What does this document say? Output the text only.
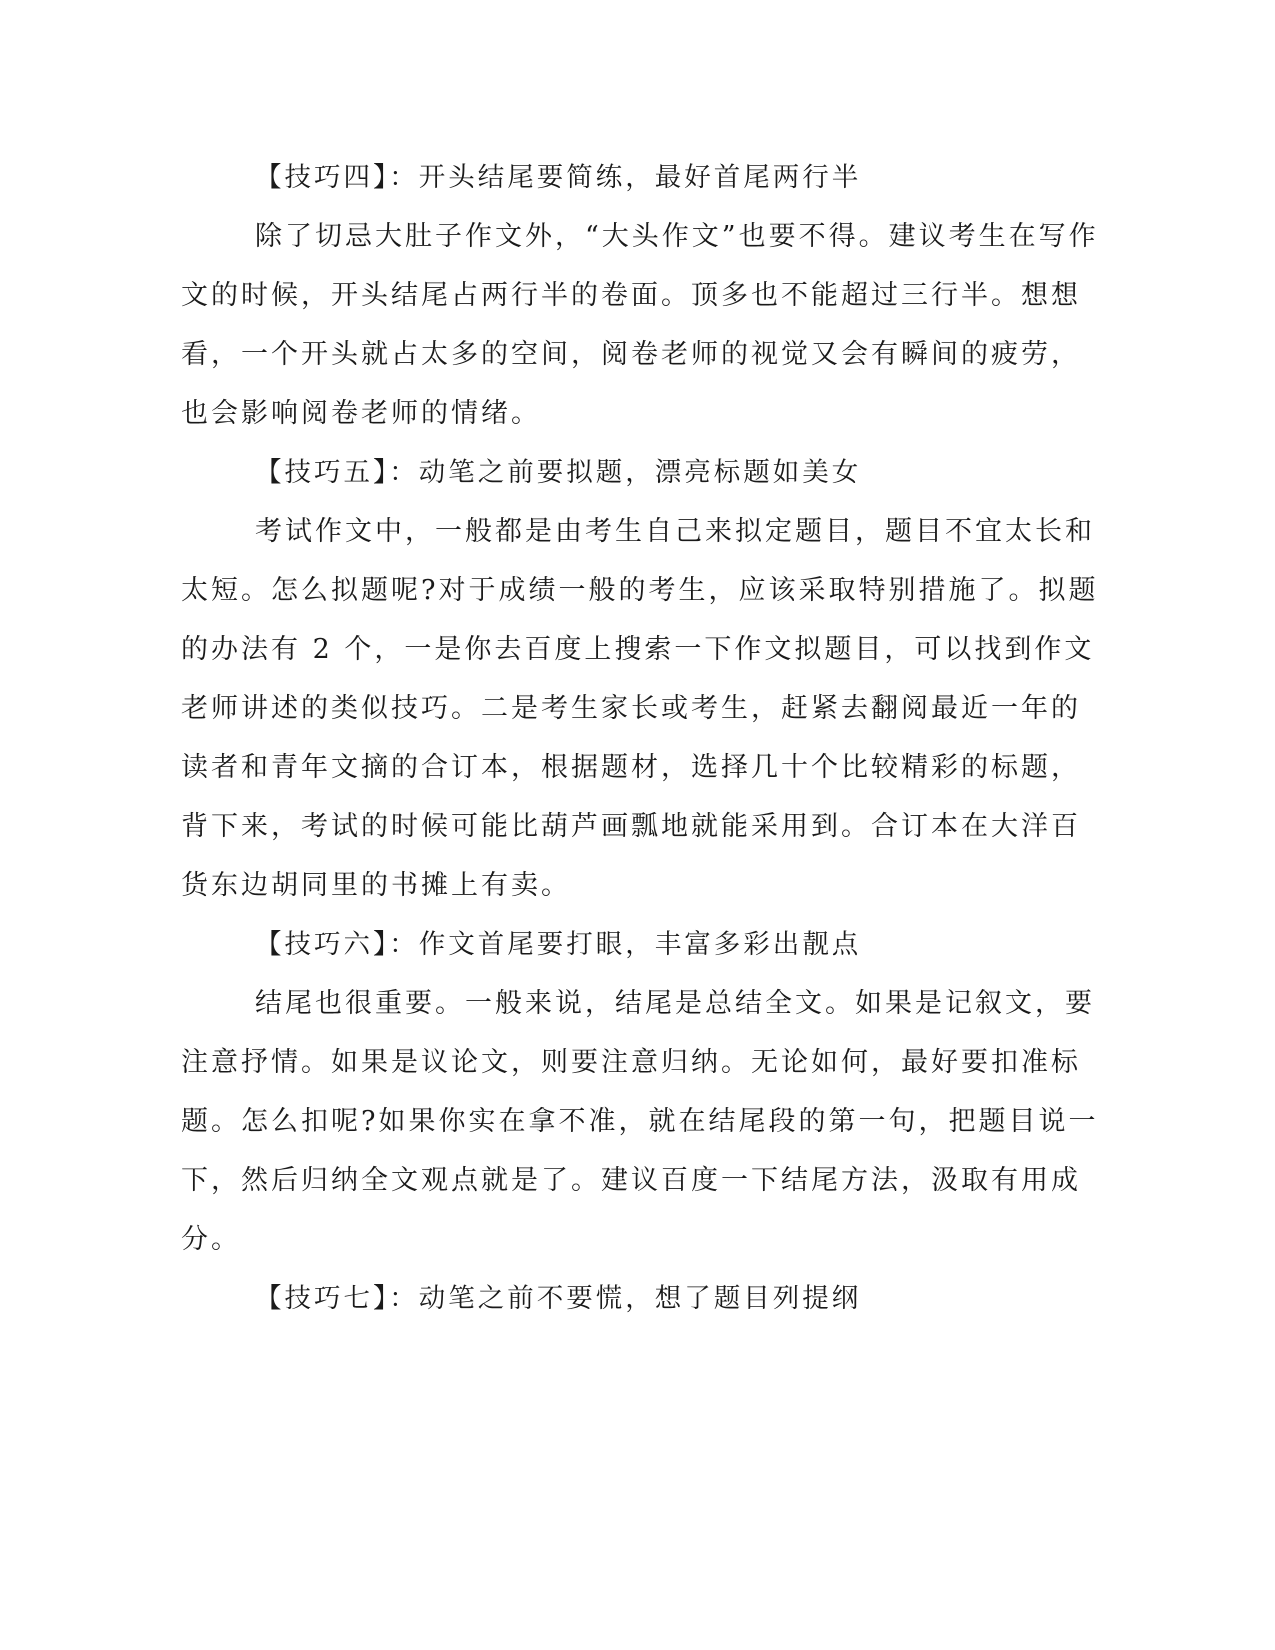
【技巧四】：开头结尾要简练，最好首尾两行半
除了切忌大肚子作文外，“大头作文”也要不得。建议考生在写作
文的时候，开头结尾占两行半的卷面。顶多也不能超过三行半。想想
看，一个开头就占太多的空间，阅卷老师的视觉又会有瞬间的疲劳，
也会影响阅卷老师的情绪。
【技巧五】：动笔之前要拟题，漂亮标题如美女
考试作文中，一般都是由考生自己来拟定题目，题目不宜太长和
太短。怎么拟题呢?对于成绩一般的考生，应该采取特别措施了。拟题
的办法有 2 个，一是你去百度上搜索一下作文拟题目，可以找到作文
老师讲述的类似技巧。二是考生家长或考生，赶紧去翻阅最近一年的
读者和青年文摘的合订本，根据题材，选择几十个比较精彩的标题，
背下来，考试的时候可能比葫芦画瓢地就能采用到。合订本在大洋百
货东边胡同里的书摊上有卖。
【技巧六】：作文首尾要打眼，丰富多彩出靓点
结尾也很重要。一般来说，结尾是总结全文。如果是记叙文，要
注意抒情。如果是议论文，则要注意归纳。无论如何，最好要扣准标
题。怎么扣呢?如果你实在拿不准，就在结尾段的第一句，把题目说一
下，然后归纳全文观点就是了。建议百度一下结尾方法，汲取有用成
分。
【技巧七】：动笔之前不要慌，想了题目列提纲
